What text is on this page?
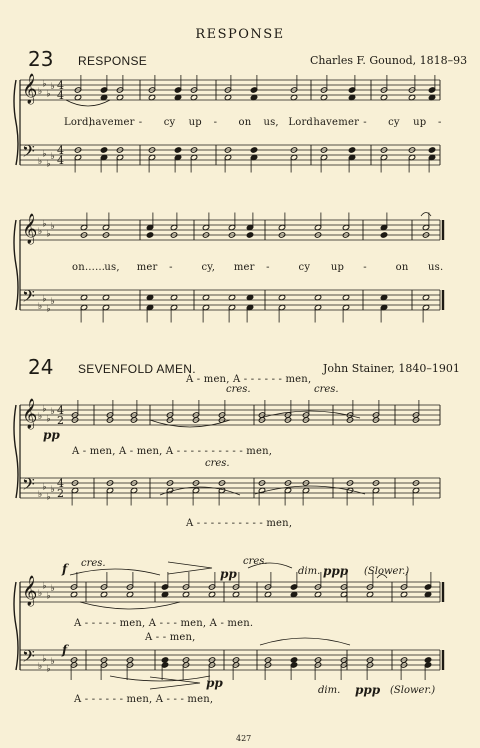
RESPONSE
23 RESPONSE	Charles F. Gounod, 1818–93
Lord,
have mer - cy up - on us, Lord have mer - cy up -
on…… us, mer -	cy, mer -	cy up -	on us.
24 SEVENFOLD AMEN.	John Stainer, 1840–1901
A - men, A - - - - - - men,
A - men, A - men, A - - - - - - - - - - men,
A - - - - - - - - - - men,
A - - - - - men, A - - - men, A - men.
A - - men,
A - - - - - - men, A - - - men,
cres.	cres.
pp
cres.
cres.	cres.
f	pp	dim. ppp (Slower.)
f
pp
dim. ppp (Slower.)
427
𝄞
𝄢
♭
♭
♭
♭
♭
♭
♭
♭
4
4
4
4
𝄞
𝄢
♭
♭
♭
♭
♭
♭
♭
♭
𝄞
𝄢
♭
♭
♭
♭
♭
♭
♭
♭
4
2
4
2
𝄞
𝄢
♭
♭
♭
♭
♭
♭
♭
♭
